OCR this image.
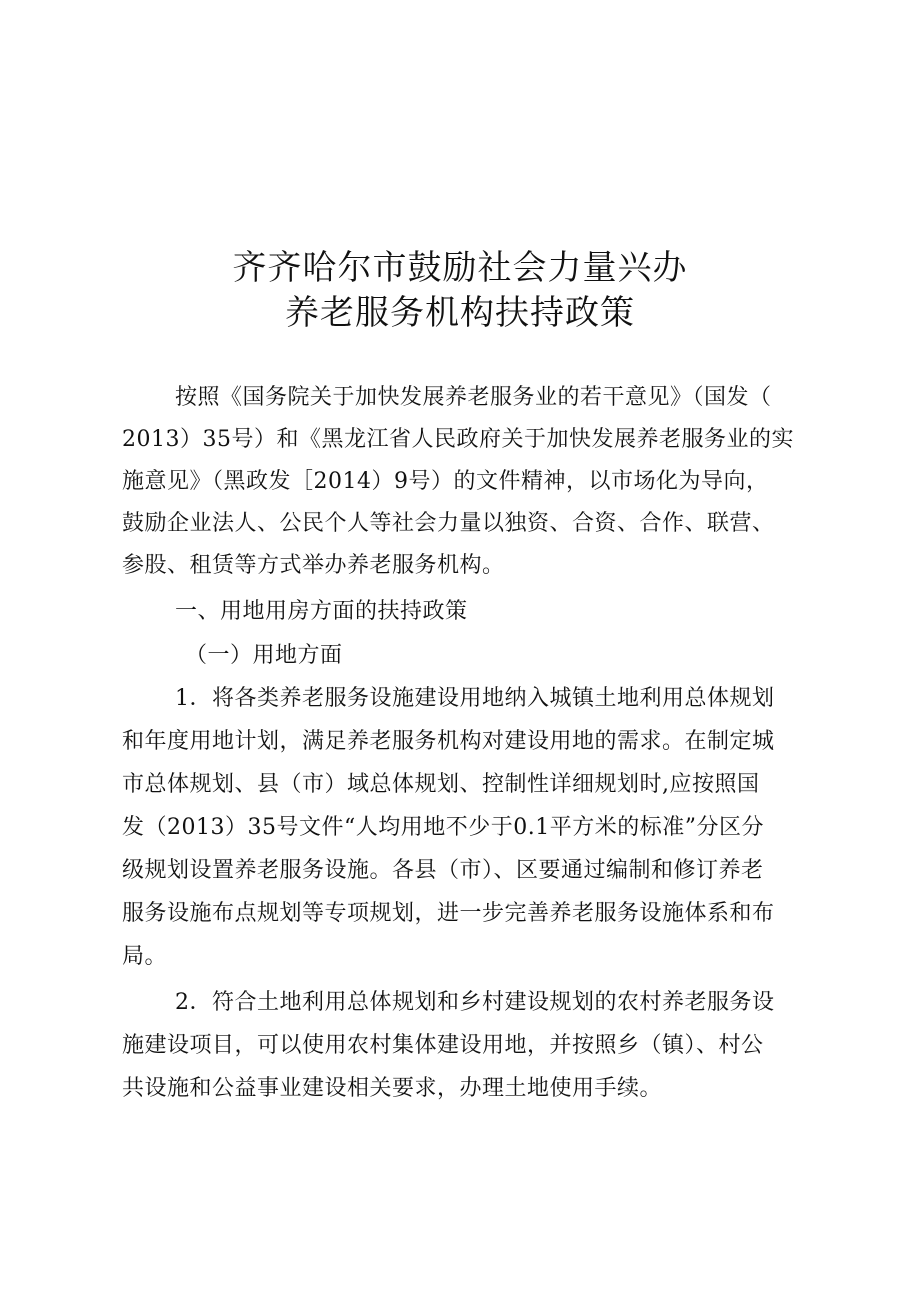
齐齐哈尔市鼓励社会力量兴办
养老服务机构扶持政策
按照《国务院关于加快发展养老服务业的若干意见》（国发（
2013）35号）和《黑龙江省人民政府关于加快发展养老服务业的实
施意见》（黑政发［2014）9号）的文件精神，以市场化为导向，
鼓励企业法人、公民个人等社会力量以独资、合资、合作、联营、
参股、租赁等方式举办养老服务机构。
一、用地用房方面的扶持政策
（一）用地方面
1．将各类养老服务设施建设用地纳入城镇土地利用总体规划
和年度用地计划，满足养老服务机构对建设用地的需求。在制定城
市总体规划、县（市）域总体规划、控制性详细规划时,应按照国
发（2013）35号文件“人均用地不少于0.1平方米的标准”分区分
级规划设置养老服务设施。各县（市）、区要通过编制和修订养老
服务设施布点规划等专项规划，进一步完善养老服务设施体系和布
局。
2．符合土地利用总体规划和乡村建设规划的农村养老服务设
施建设项目，可以使用农村集体建设用地，并按照乡（镇）、村公
共设施和公益事业建设相关要求，办理土地使用手续。
